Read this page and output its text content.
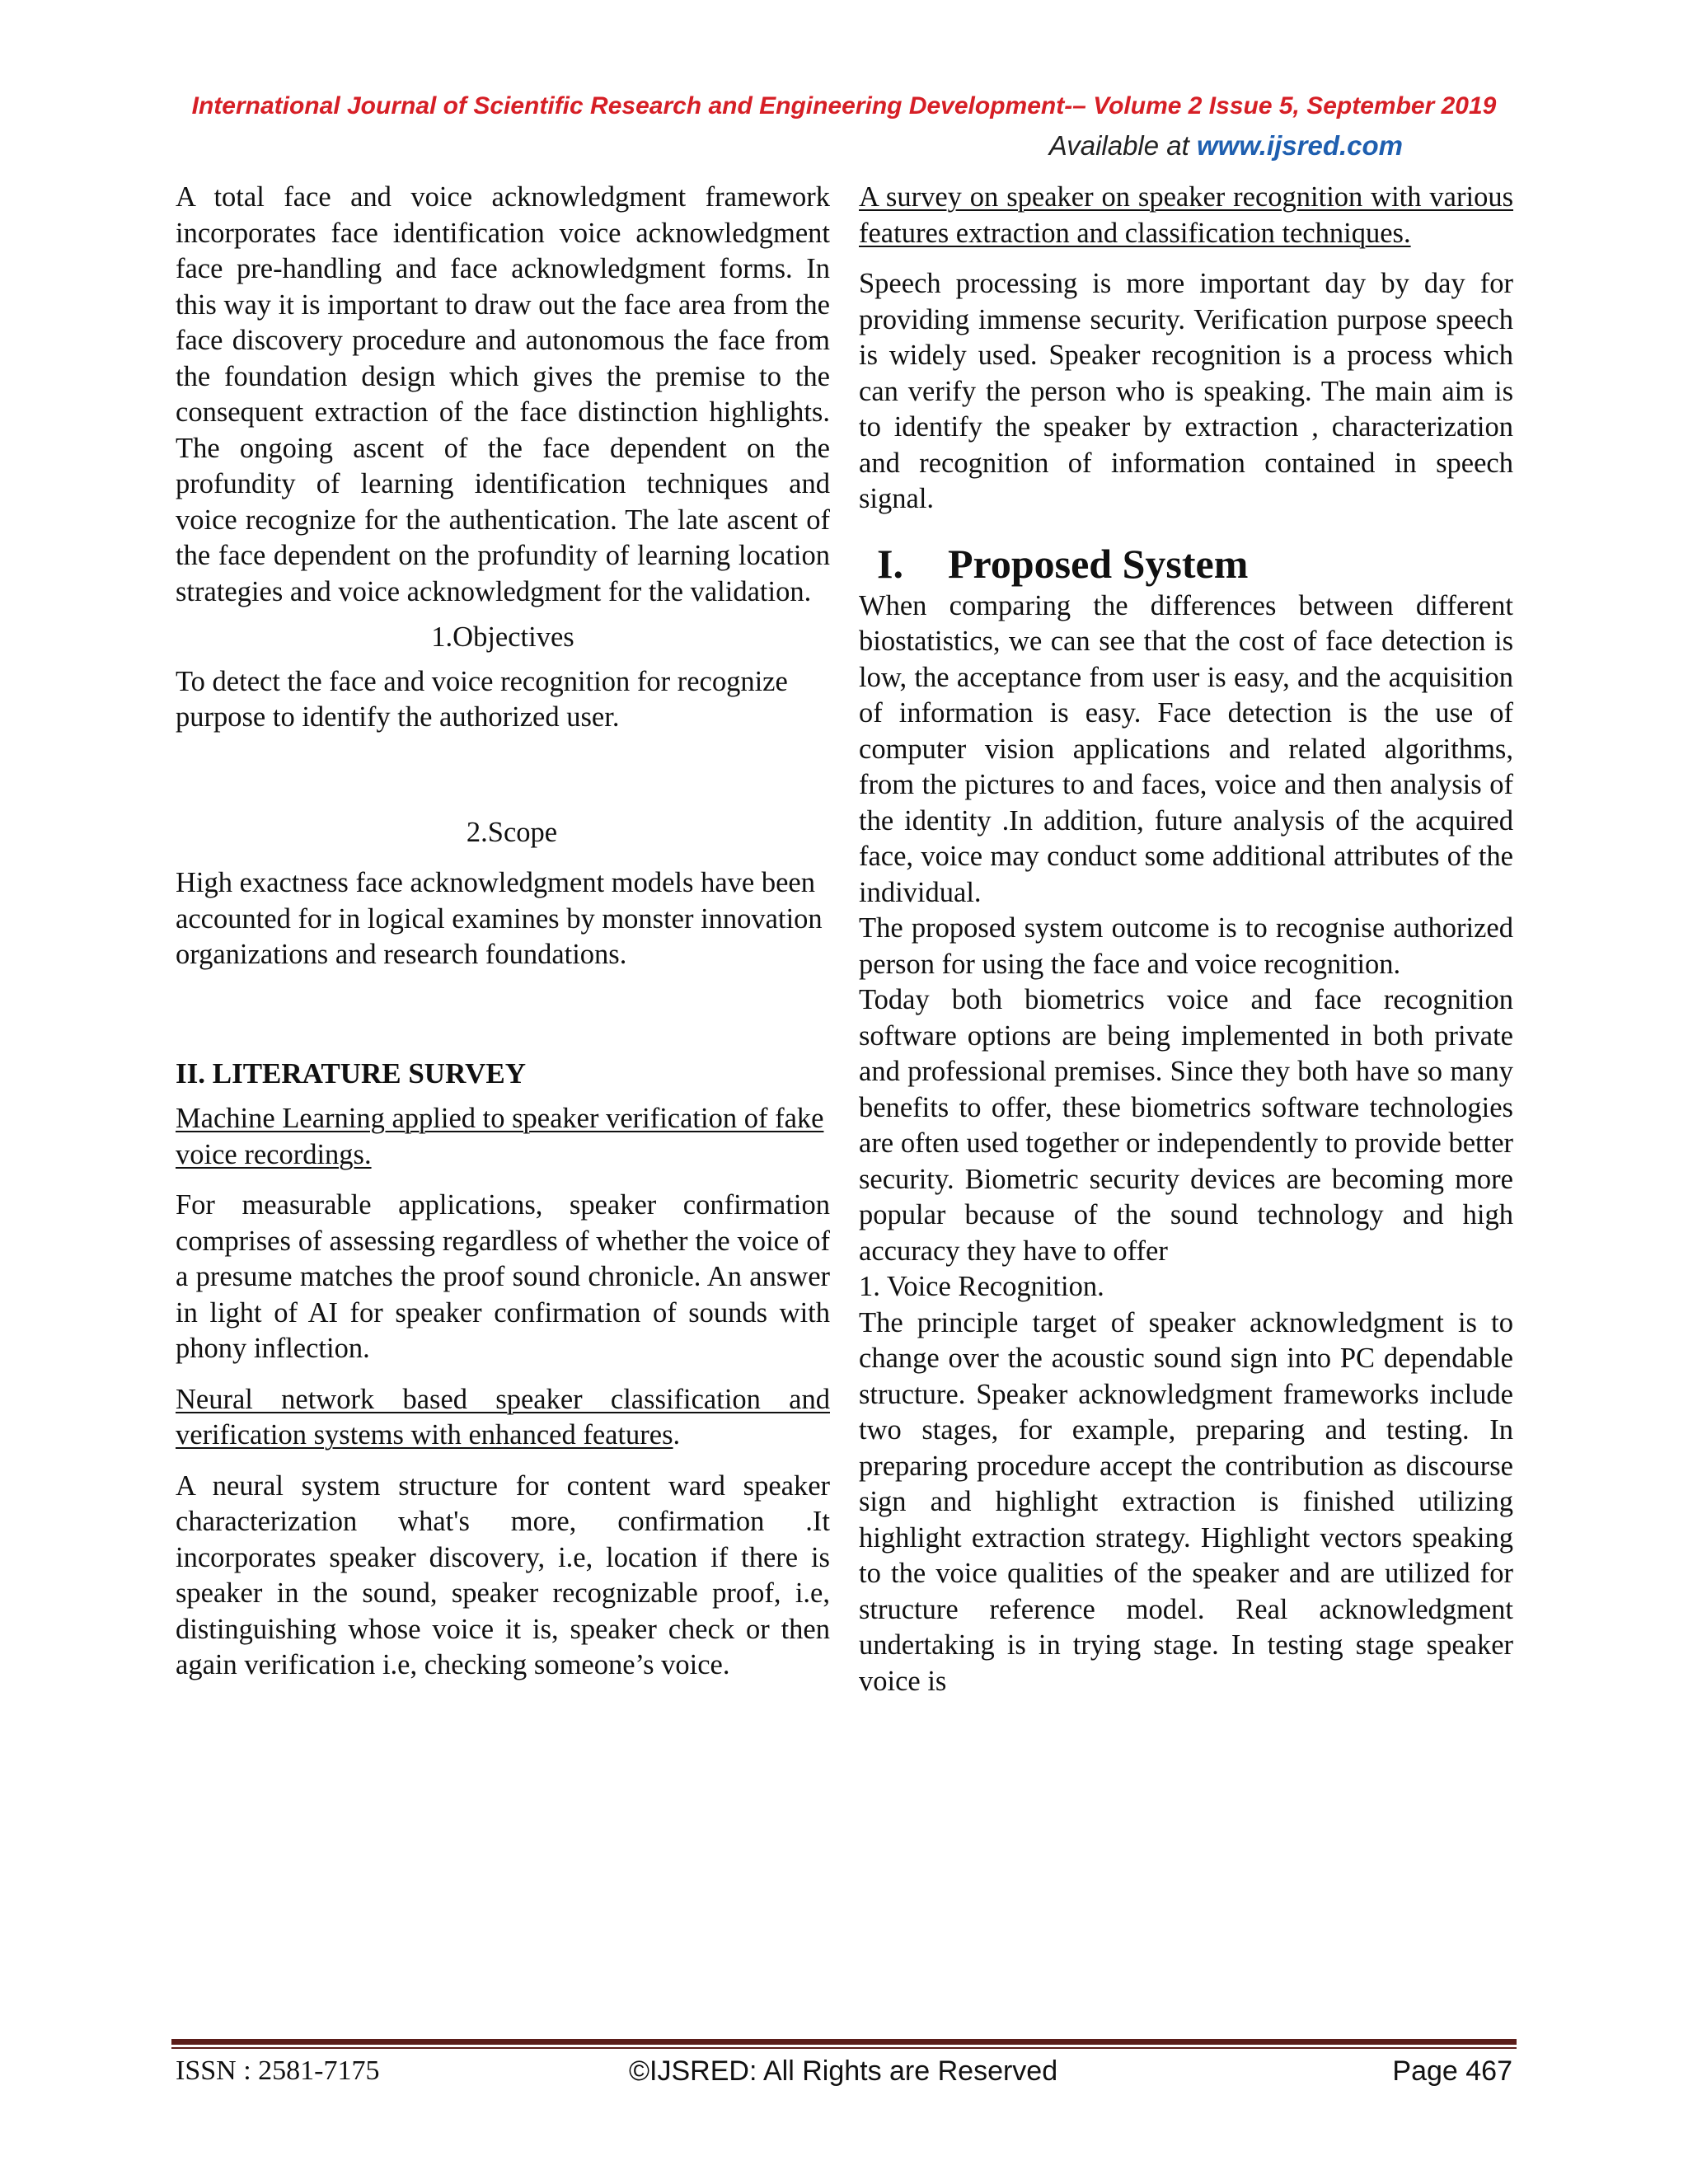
International Journal of Scientific Research and Engineering Development-– Volume 2 Issue 5, September 2019
Available at www.ijsred.com

A total face and voice acknowledgment framework incorporates face identification voice acknowledgment face pre-handling and face acknowledgment forms. In this way it is important to draw out the face area from the face discovery procedure and autonomous the face from the foundation design which gives the premise to the consequent extraction of the face distinction highlights. The ongoing ascent of the face dependent on the profundity of learning identification techniques and voice recognize for the authentication. The late ascent of the face dependent on the profundity of learning location strategies and voice acknowledgment for the validation.

1.Objectives

To detect the face and voice recognition for recognize purpose to identify the authorized user.

2.Scope

High exactness face acknowledgment models have been accounted for in logical examines by monster innovation organizations and research foundations.

II. LITERATURE SURVEY

Machine Learning applied to speaker verification of fake voice recordings.

For measurable applications, speaker confirmation comprises of assessing regardless of whether the voice of a presume matches the proof sound chronicle. An answer in light of AI for speaker confirmation of sounds with phony inflection.

Neural network based speaker classification and verification systems with enhanced features.

A neural system structure for content ward speaker characterization what's more, confirmation .It incorporates speaker discovery, i.e, location if there is speaker in the sound, speaker recognizable proof, i.e, distinguishing whose voice it is, speaker check or then again verification i.e, checking someone’s voice.

A survey on speaker on speaker recognition with various features extraction and classification techniques.

Speech processing is more important day by day for providing immense security. Verification purpose speech is widely used. Speaker recognition is a process which can verify the person who is speaking. The main aim is to identify the speaker by extraction , characterization and recognition of information contained in speech signal.

I. Proposed System

When comparing the differences between different biostatistics, we can see that the cost of face detection is low, the acceptance from user is easy, and the acquisition of information is easy. Face detection is the use of computer vision applications and related algorithms, from the pictures to and faces, voice and then analysis of the identity .In addition, future analysis of the acquired face, voice may conduct some additional attributes of the individual.

The proposed system outcome is to recognise authorized person for using the face and voice recognition.

Today both biometrics voice and face recognition software options are being implemented in both private and professional premises. Since they both have so many benefits to offer, these biometrics software technologies are often used together or independently to provide better security. Biometric security devices are becoming more popular because of the sound technology and high accuracy they have to offer

1. Voice Recognition.

The principle target of speaker acknowledgment is to change over the acoustic sound sign into PC dependable structure. Speaker acknowledgment frameworks include two stages, for example, preparing and testing. In preparing procedure accept the contribution as discourse sign and highlight extraction is finished utilizing highlight extraction strategy. Highlight vectors speaking to the voice qualities of the speaker and are utilized for structure reference model. Real acknowledgment undertaking is in trying stage. In testing stage speaker voice is

ISSN : 2581-7175	©IJSRED: All Rights are Reserved	Page 467
